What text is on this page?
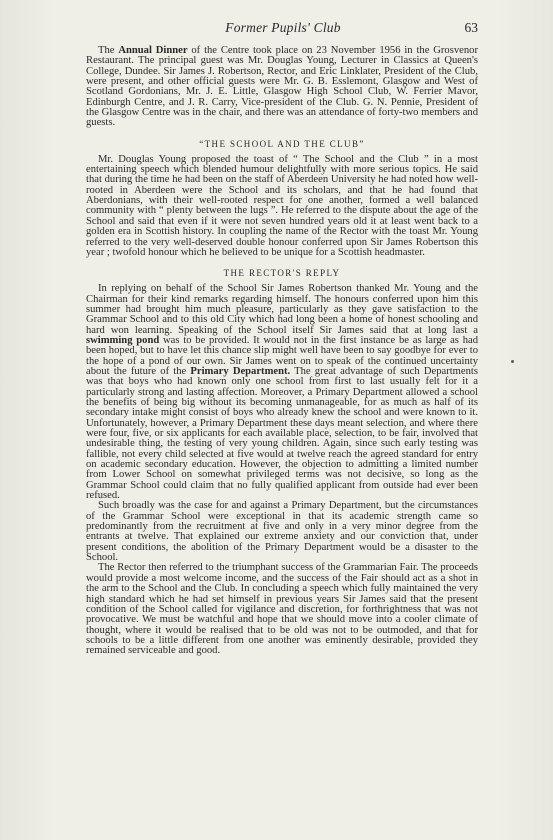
Former Pupils' Club	63

The Annual Dinner of the Centre took place on 23 November 1956 in the Grosvenor Restaurant. The principal guest was Mr. Douglas Young, Lecturer in Classics at Queen's College, Dundee. Sir James J. Robertson, Rector, and Eric Linklater, President of the Club, were present, and other official guests were Mr. G. B. Esslemont, Glasgow and West of Scotland Gordonians, Mr. J. E. Little, Glasgow High School Club, W. Ferrier Mavor, Edinburgh Centre, and J. R. Carry, Vice-president of the Club. G. N. Pennie, President of the Glasgow Centre was in the chair, and there was an attendance of forty-two members and guests.

“THE SCHOOL AND THE CLUB”

Mr. Douglas Young proposed the toast of “ The School and the Club ” in a most entertaining speech which blended humour delightfully with more serious topics. He said that during the time he had been on the staff of Aberdeen University he had noted how well-rooted in Aberdeen were the School and its scholars, and that he had found that Aberdonians, with their well-rooted respect for one another, formed a well balanced community with “ plenty between the lugs ”. He referred to the dispute about the age of the School and said that even if it were not seven hundred years old it at least went back to a golden era in Scottish history. In coupling the name of the Rector with the toast Mr. Young referred to the very well-deserved double honour conferred upon Sir James Robertson this year ; twofold honour which he believed to be unique for a Scottish headmaster.

THE RECTOR'S REPLY

In replying on behalf of the School Sir James Robertson thanked Mr. Young and the Chairman for their kind remarks regarding himself. The honours conferred upon him this summer had brought him much pleasure, particularly as they gave satisfaction to the Grammar School and to this old City which had long been a home of honest schooling and hard won learning. Speaking of the School itself Sir James said that at long last a swimming pond was to be provided. It would not in the first instance be as large as had been hoped, but to have let this chance slip might well have been to say goodbye for ever to the hope of a pond of our own. Sir James went on to speak of the continued uncertainty about the future of the Primary Department. The great advantage of such Departments was that boys who had known only one school from first to last usually felt for it a particularly strong and lasting affection. Moreover, a Primary Department allowed a school the benefits of being big without its becoming unmanageable, for as much as half of its secondary intake might consist of boys who already knew the school and were known to it. Unfortunately, however, a Primary Department these days meant selection, and where there were four, five, or six applicants for each available place, selection, to be fair, involved that undesirable thing, the testing of very young children. Again, since such early testing was fallible, not every child selected at five would at twelve reach the agreed standard for entry on academic secondary education. However, the objection to admitting a limited number from Lower School on somewhat privileged terms was not decisive, so long as the Grammar School could claim that no fully qualified applicant from outside had ever been refused.

Such broadly was the case for and against a Primary Department, but the circumstances of the Grammar School were exceptional in that its academic strength came so predominantly from the recruitment at five and only in a very minor degree from the entrants at twelve. That explained our extreme anxiety and our conviction that, under present conditions, the abolition of the Primary Department would be a disaster to the School.

The Rector then referred to the triumphant success of the Grammarian Fair. The proceeds would provide a most welcome income, and the success of the Fair should act as a shot in the arm to the School and the Club. In concluding a speech which fully maintained the very high standard which he had set himself in previous years Sir James said that the present condition of the School called for vigilance and discretion, for forthrightness that was not provocative. We must be watchful and hope that we should move into a cooler climate of thought, where it would be realised that to be old was not to be outmoded, and that for schools to be a little different from one another was eminently desirable, provided they remained serviceable and good.
